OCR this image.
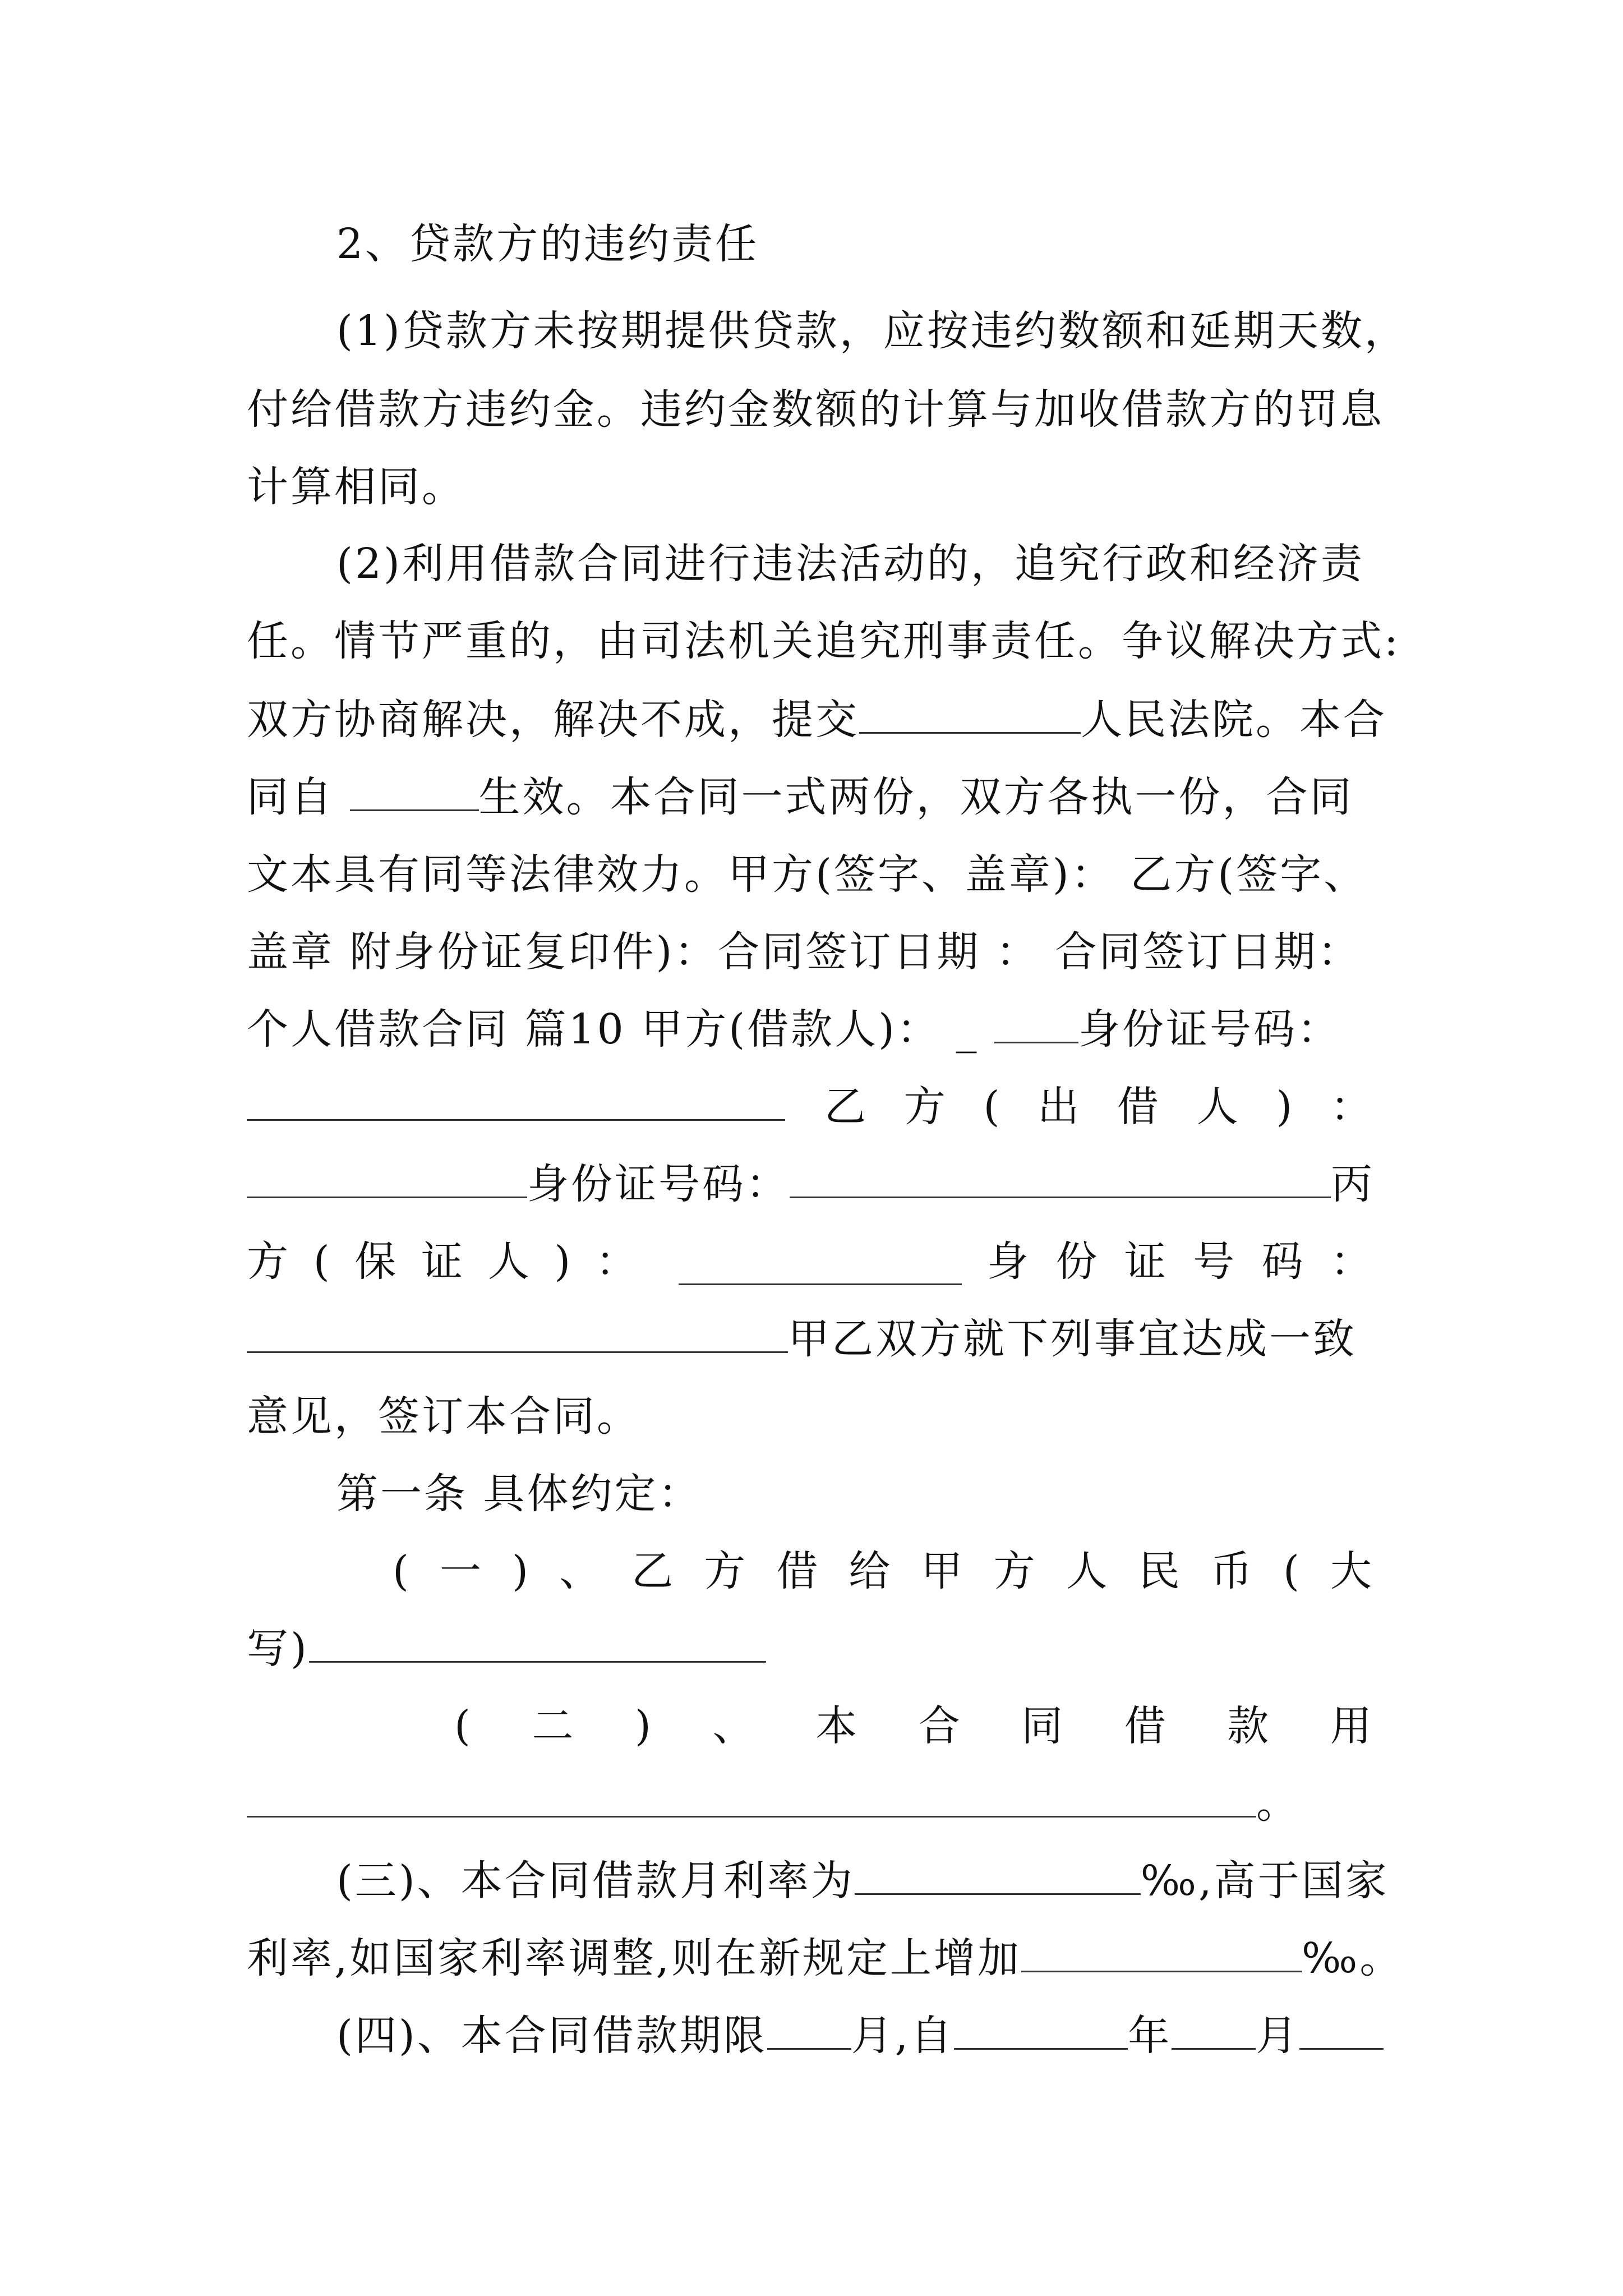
2、贷款方的违约责任
(1)贷款方未按期提供贷款，应按违约数额和延期天数，
付给借款方违约金。违约金数额的计算与加收借款方的罚息
计算相同。
(2)利用借款合同进行违法活动的，追究行政和经济责
任。情节严重的，由司法机关追究刑事责任。争议解决方式:
双方协商解决，解决不成，提交	人民法院。本合
同自	生效。本合同一式两份，双方各执一份，合同
文本具有同等法律效力。甲方(签字、盖章)： 乙方(签字、
盖章 附身份证复印件)：合同签订日期 ： 合同签订日期：
个人借款合同 篇10 甲方(借款人)： _ 身份证号码：
乙 方 ( 出 借 人 ) ：
身份证号码：	丙
方 ( 保 证 人 ) ：	身 份 证 号 码 ：
甲乙双方就下列事宜达成一致
意见，签订本合同。
第一条 具体约定：
( 一 ) 、 乙 方 借 给 甲 方 人 民 币 ( 大
写)
( 二 ) 、 本 合 同 借 款 用
。
(三)、本合同借款月利率为	‰,高于国家
利率,如国家利率调整,则在新规定上增加	‰。
(四)、本合同借款期限 月,自	年 月
